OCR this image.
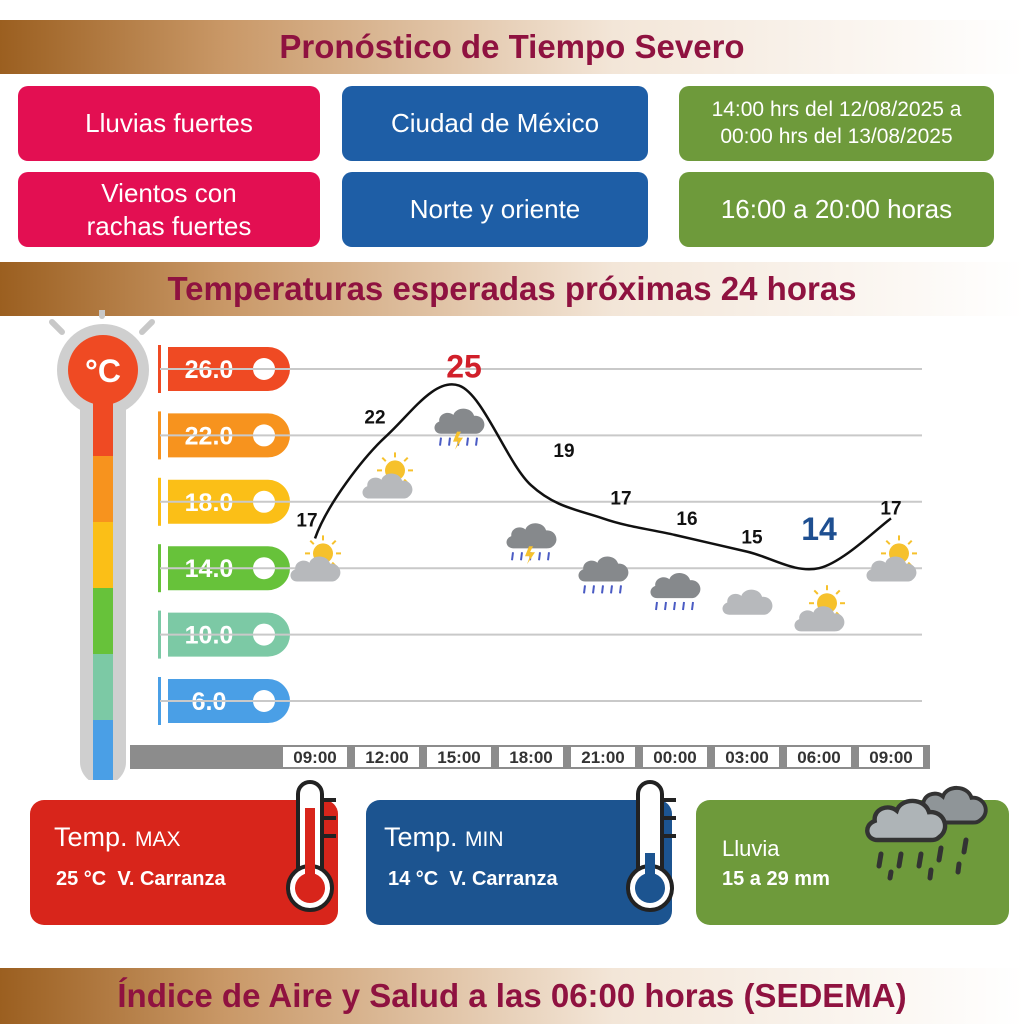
Pronóstico de Tiempo Severo
Lluvias fuertes
Vientos con rachas fuertes
Ciudad de México
Norte y oriente
14:00 hrs del 12/08/2025 a 00:00 hrs del 13/08/2025
16:00 a 20:00 horas
Temperaturas esperadas próximas 24 horas
°C	26.0
22.0
18.0
14.0
10.0
6.0
09:00 12:00 15:00 18:00 21:00 00:00 03:00 06:00 09:00
17
22
25
19
17
16
15 14
17
Temp. MAX
25 °C  V. Carranza
Temp. MIN
14 °C  V. Carranza
Lluvia
15 a 29 mm
Índice de Aire y Salud a las 06:00 horas (SEDEMA)
